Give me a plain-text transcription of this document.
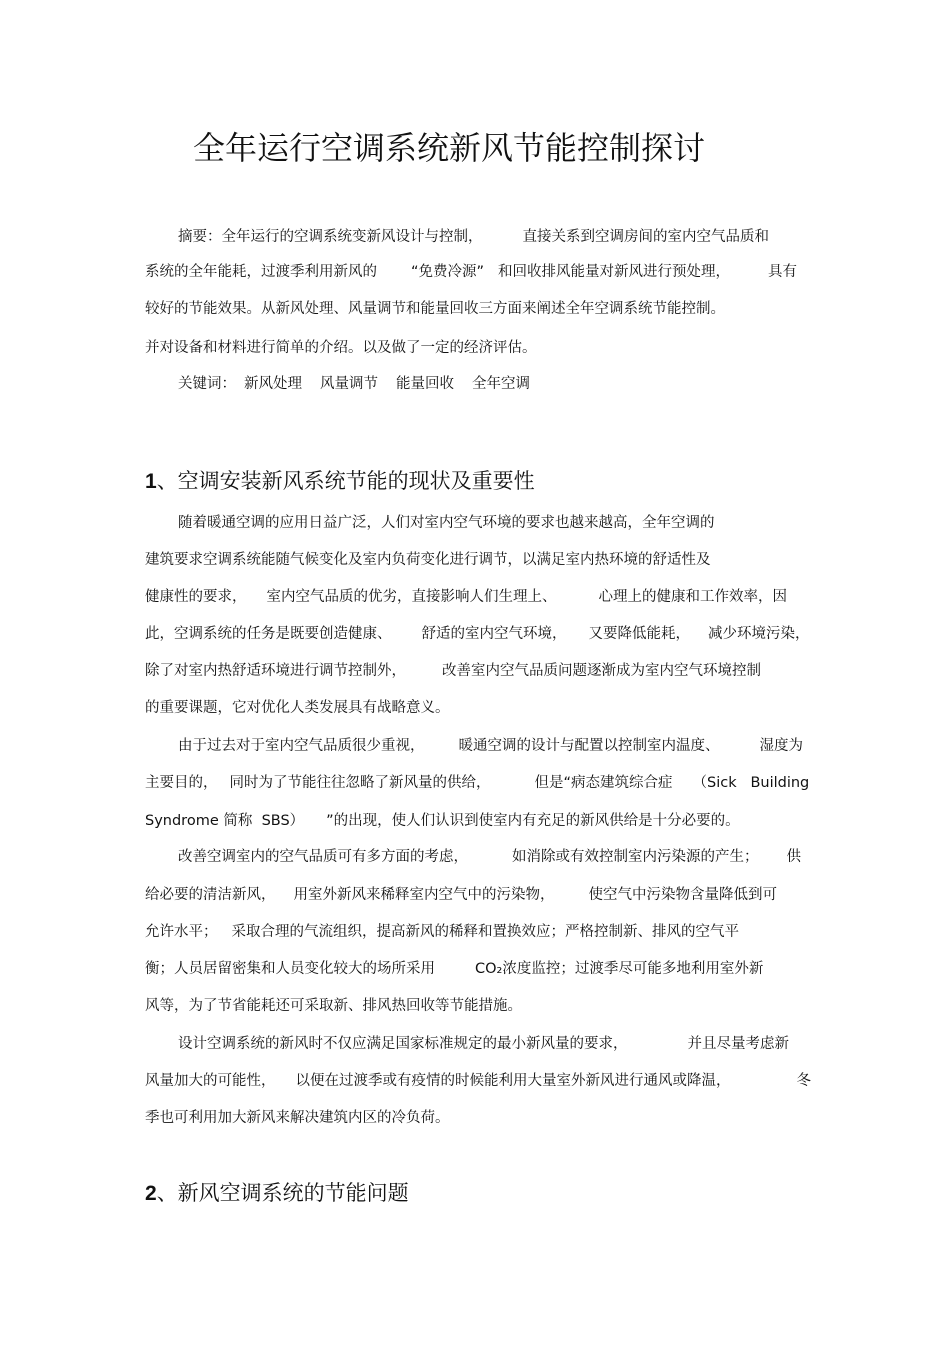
全年运行空调系统新风节能控制探讨
摘要：全年运行的空调系统变新风设计与控制，	直接关系到空调房间的室内空气品质和
系统的全年能耗，过渡季利用新风的 “免费冷源” 和回收排风能量对新风进行预处理，	具有
较好的节能效果。从新风处理、风量调节和能量回收三方面来阐述全年空调系统节能控制。
并对设备和材料进行简单的介绍。以及做了一定的经济评估。
关键词： 新风处理 风量调节 能量回收 全年空调
1、空调安装新风系统节能的现状及重要性
随着暖通空调的应用日益广泛，人们对室内空气环境的要求也越来越高，全年空调的
建筑要求空调系统能随气候变化及室内负荷变化进行调节，以满足室内热环境的舒适性及
健康性的要求， 室内空气品质的优劣，直接影响人们生理上、	心理上的健康和工作效率，因
此，空调系统的任务是既要创造健康、 舒适的室内空气环境， 又要降低能耗， 减少环境污染，
除了对室内热舒适环境进行调节控制外， 改善室内空气品质问题逐渐成为室内空气环境控制
的重要课题，它对优化人类发展具有战略意义。
由于过去对于室内空气品质很少重视， 暖通空调的设计与配置以控制室内温度、	湿度为
主要目的， 同时为了节能往往忽略了新风量的供给，	但是“病态建筑综合症 （Sick   Building
Syndrome 简称  SBS） ”的出现，使人们认识到使室内有充足的新风供给是十分必要的。
改善空调室内的空气品质可有多方面的考虑，	如消除或有效控制室内污染源的产生； 供
给必要的清洁新风， 用室外新风来稀释室内空气中的污染物， 使空气中污染物含量降低到可
允许水平； 采取合理的气流组织，提高新风的稀释和置换效应；严格控制新、排风的空气平
衡；人员居留密集和人员变化较大的场所采用	CO₂浓度监控；过渡季尽可能多地利用室外新
风等，为了节省能耗还可采取新、排风热回收等节能措施。
设计空调系统的新风时不仅应满足国家标准规定的最小新风量的要求，	并且尽量考虑新
风量加大的可能性， 以便在过渡季或有疫情的时候能利用大量室外新风进行通风或降温，	冬
季也可利用加大新风来解决建筑内区的冷负荷。
2、新风空调系统的节能问题
